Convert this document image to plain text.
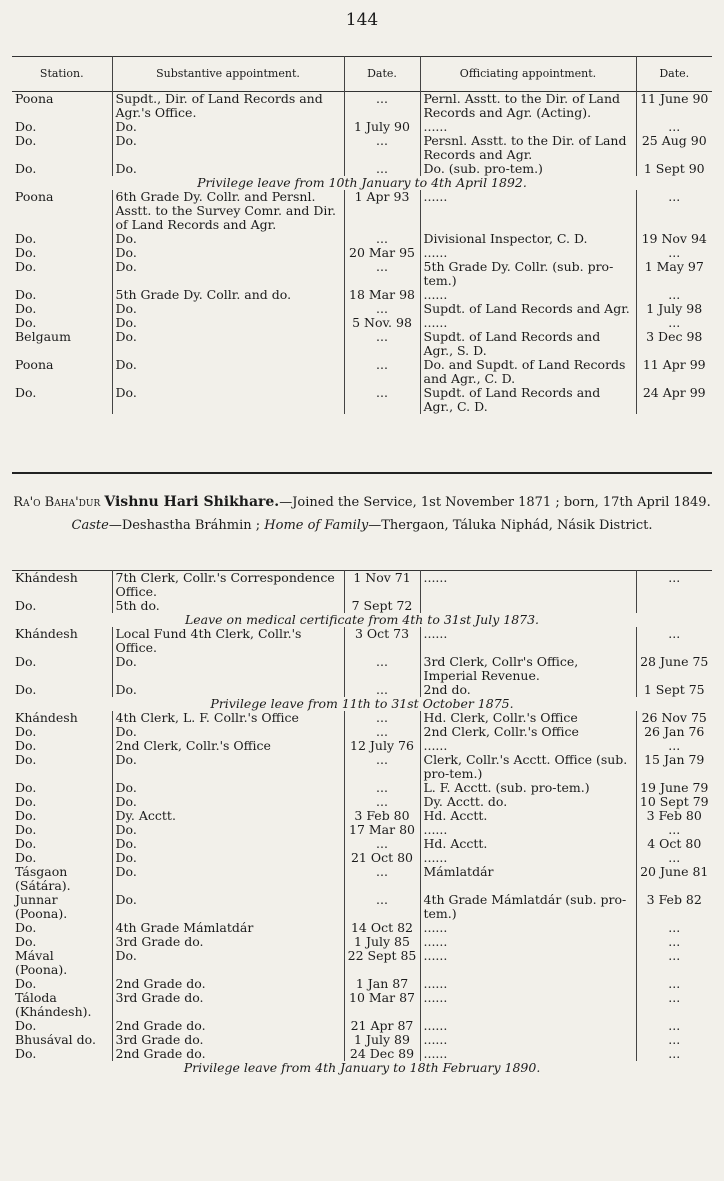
144
Station.	Substantive appointment.	Date.	Officiating appointment.	Date.
Poona	Supdt., Dir. of Land Records and Agr.'s Office.	...	Pernl. Asstt. to the Dir. of Land Records and Agr. (Acting).	11 June 90
Do.	Do.	1 July 90	......	...
Do.	Do.	...	Persnl. Asstt. to the Dir. of Land Records and Agr.	25 Aug 90
Do.	Do.	...	Do. (sub. pro-tem.)	1 Sept 90
Privilege leave from 10th January to 4th April 1892.				
Poona	6th Grade Dy. Collr. and Persnl. Asstt. to the Survey Comr. and Dir. of Land Records and Agr.	1 Apr 93	......	...
Do.	Do.	...	Divisional Inspector, C. D.	19 Nov 94
Do.	Do.	20 Mar 95	......	...
Do.	Do.	...	5th Grade Dy. Collr. (sub. pro-tem.)	1 May 97
Do.	5th Grade Dy. Collr. and do.	18 Mar 98	......	...
Do.	Do.	...	Supdt. of Land Records and Agr.	1 July 98
Do.	Do.	5 Nov. 98	......	...
Belgaum	Do.	...	Supdt. of Land Records and Agr., S. D.	3 Dec 98
Poona	Do.	...	Do. and Supdt. of Land Records and Agr., C. D.	11 Apr 99
Do.	Do.	...	Supdt. of Land Records and Agr., C. D.	24 Apr 99
Ra'o Baha'dur Vishnu Hari Shikhare.—Joined the Service, 1st November 1871 ; born, 17th April 1849.
Caste—Deshastha Bráhmin ; Home of Family—Thergaon, Táluka Niphád, Násik District.
Khándesh	7th Clerk, Collr.'s Correspondence Office.	1 Nov 71	......	...
Do.	5th do.	7 Sept 72		
Leave on medical certificate from 4th to 31st July 1873.				
Khándesh	Local Fund 4th Clerk, Collr.'s Office.	3 Oct 73	......	...
Do.	Do.	...	3rd Clerk, Collr's Office, Imperial Revenue.	28 June 75
Do.	Do.	...	2nd do.	1 Sept 75
Privilege leave from 11th to 31st October 1875.				
Khándesh	4th Clerk, L. F. Collr.'s Office	...	Hd. Clerk, Collr.'s Office	26 Nov 75
Do.	Do.	...	2nd Clerk, Collr.'s Office	26 Jan 76
Do.	2nd Clerk, Collr.'s Office	12 July 76	......	...
Do.	Do.	...	Clerk, Collr.'s Acctt. Office (sub. pro-tem.)	15 Jan 79
Do.	Do.	...	L. F. Acctt. (sub. pro-tem.)	19 June 79
Do.	Do.	...	Dy. Acctt. do.	10 Sept 79
Do.	Dy. Acctt.	3 Feb 80	Hd. Acctt.	3 Feb 80
Do.	Do.	17 Mar 80	......	...
Do.	Do.	...	Hd. Acctt.	4 Oct 80
Do.	Do.	21 Oct 80	......	...
Tásgaon (Sátára).	Do.	...	Mámlatdár	20 June 81
Junnar (Poona).	Do.	...	4th Grade Mámlatdár (sub. pro-tem.)	3 Feb 82
Do.	4th Grade Mámlatdár	14 Oct 82	......	...
Do.	3rd Grade do.	1 July 85	......	...
Mával (Poona).	Do.	22 Sept 85	......	...
Do.	2nd Grade do.	1 Jan 87	......	...
Táloda (Khándesh).	3rd Grade do.	10 Mar 87	......	...
Do.	2nd Grade do.	21 Apr 87	......	...
Bhusával do.	3rd Grade do.	1 July 89	......	...
Do.	2nd Grade do.	24 Dec 89	......	...
Privilege leave from 4th January to 18th February 1890.				
